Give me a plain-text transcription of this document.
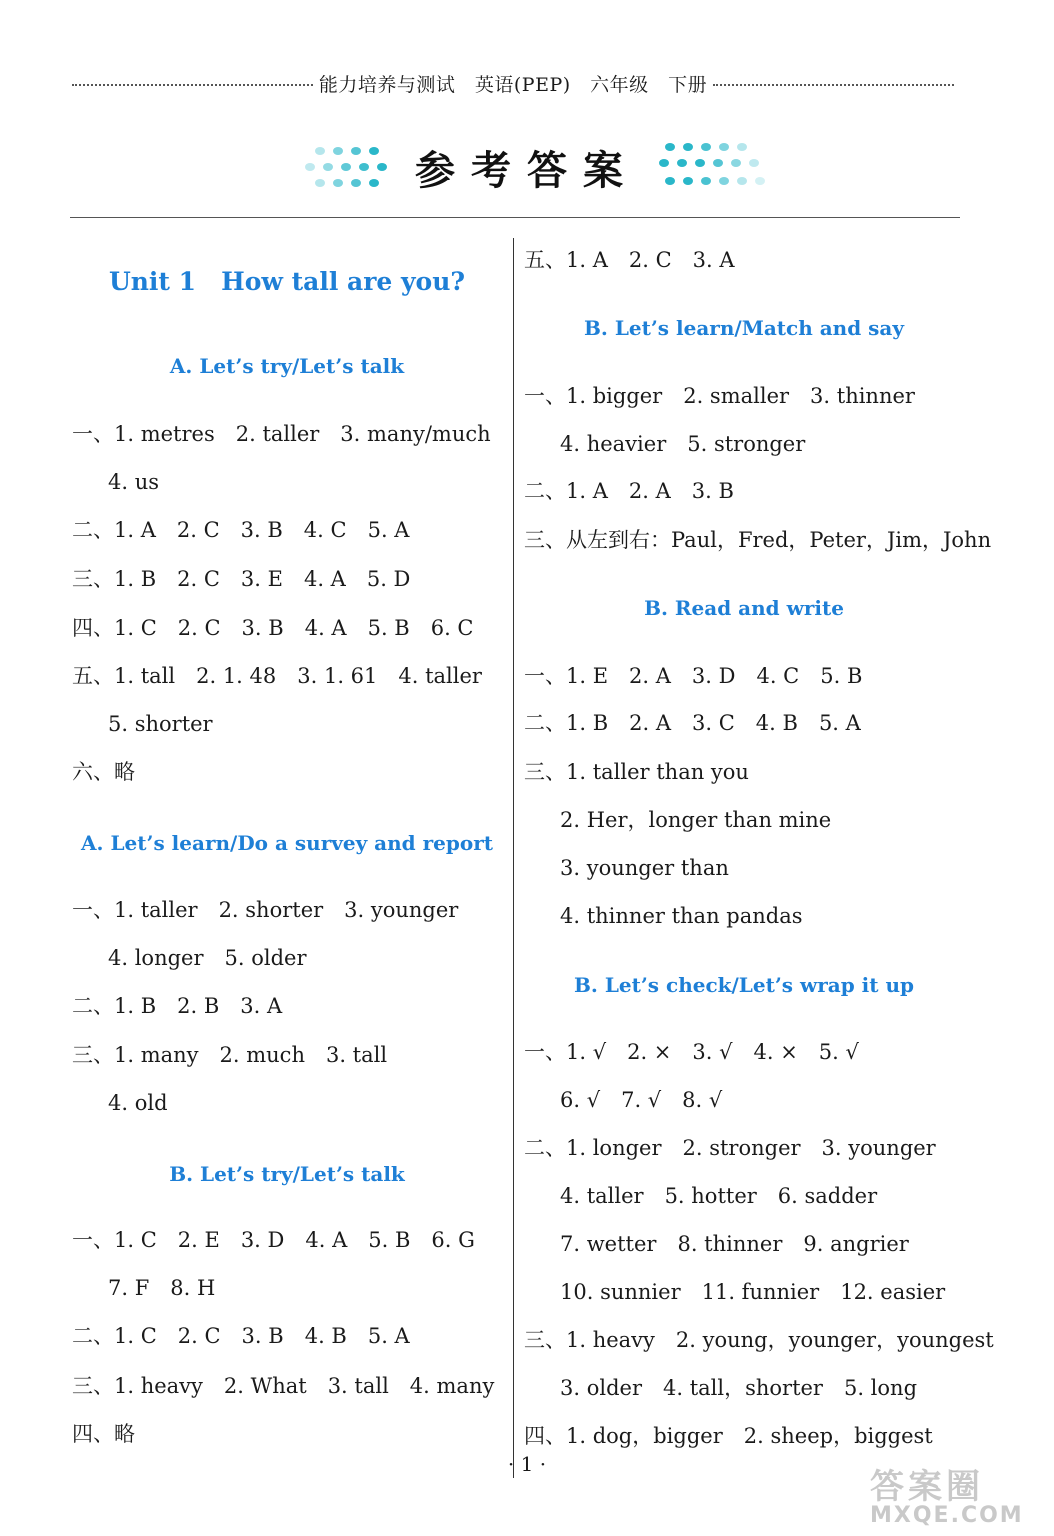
能力培养与测试　英语(PEP)　六年级　下册
参考答案
Unit 1　How tall are you?
A. Let’s try/Let’s talk
一、1. metres　2. taller　3. many/much
4. us
二、1. A　2. C　3. B　4. C　5. A
三、1. B　2. C　3. E　4. A　5. D
四、1. C　2. C　3. B　4. A　5. B　6. C
五、1. tall　2. 1. 48　3. 1. 61　4. taller
5. shorter
六、略
A. Let’s learn/Do a survey and report
一、1. taller　2. shorter　3. younger
4. longer　5. older
二、1. B　2. B　3. A
三、1. many　2. much　3. tall
4. old
B. Let’s try/Let’s talk
一、1. C　2. E　3. D　4. A　5. B　6. G
7. F　8. H
二、1. C　2. C　3. B　4. B　5. A
三、1. heavy　2. What　3. tall　4. many
四、略
五、1. A　2. C　3. A
B. Let’s learn/Match and say
一、1. bigger　2. smaller　3. thinner
4. heavier　5. stronger
二、1. A　2. A　3. B
三、从左到右：Paul，Fred，Peter，Jim，John
B. Read and write
一、1. E　2. A　3. D　4. C　5. B
二、1. B　2. A　3. C　4. B　5. A
三、1. taller than you
2. Her，longer than mine
3. younger than
4. thinner than pandas
B. Let’s check/Let’s wrap it up
一、1. √　2. ×　3. √　4. ×　5. √
6. √　7. √　8. √
二、1. longer　2. stronger　3. younger
4. taller　5. hotter　6. sadder
7. wetter　8. thinner　9. angrier
10. sunnier　11. funnier　12. easier
三、1. heavy　2. young，younger，youngest
3. older　4. tall，shorter　5. long
四、1. dog，bigger　2. sheep，biggest
· 1 ·
答案圈
MXQE.COM
